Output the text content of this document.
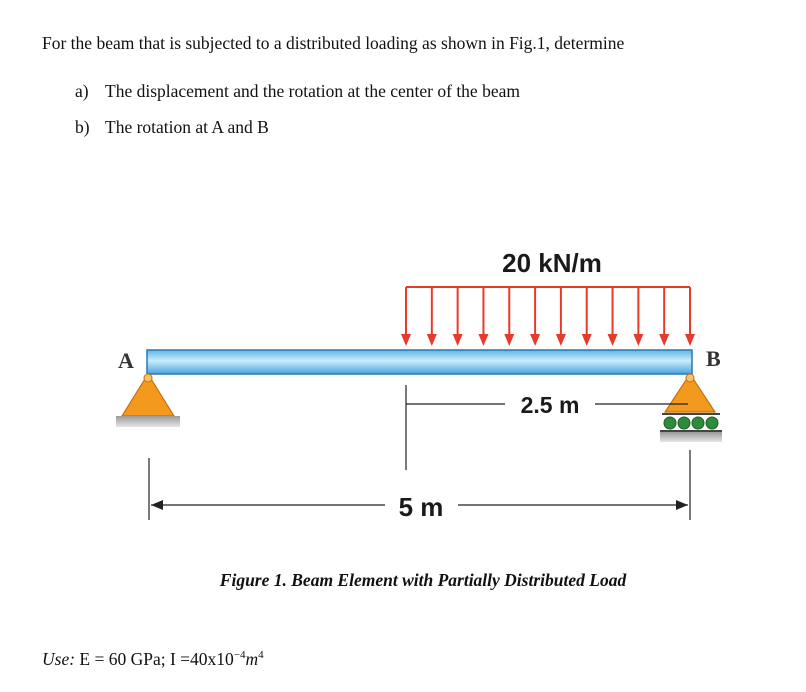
For the beam that is subjected to a distributed loading as shown in Fig.1, determine
a) The displacement and the rotation at the center of the beam
b) The rotation at A and B
20 kN/m
A	B
2.5 m
5 m
Figure 1. Beam Element with Partially Distributed Load
Use: E = 60 GPa; $I =40x10^{-4}m^4$
